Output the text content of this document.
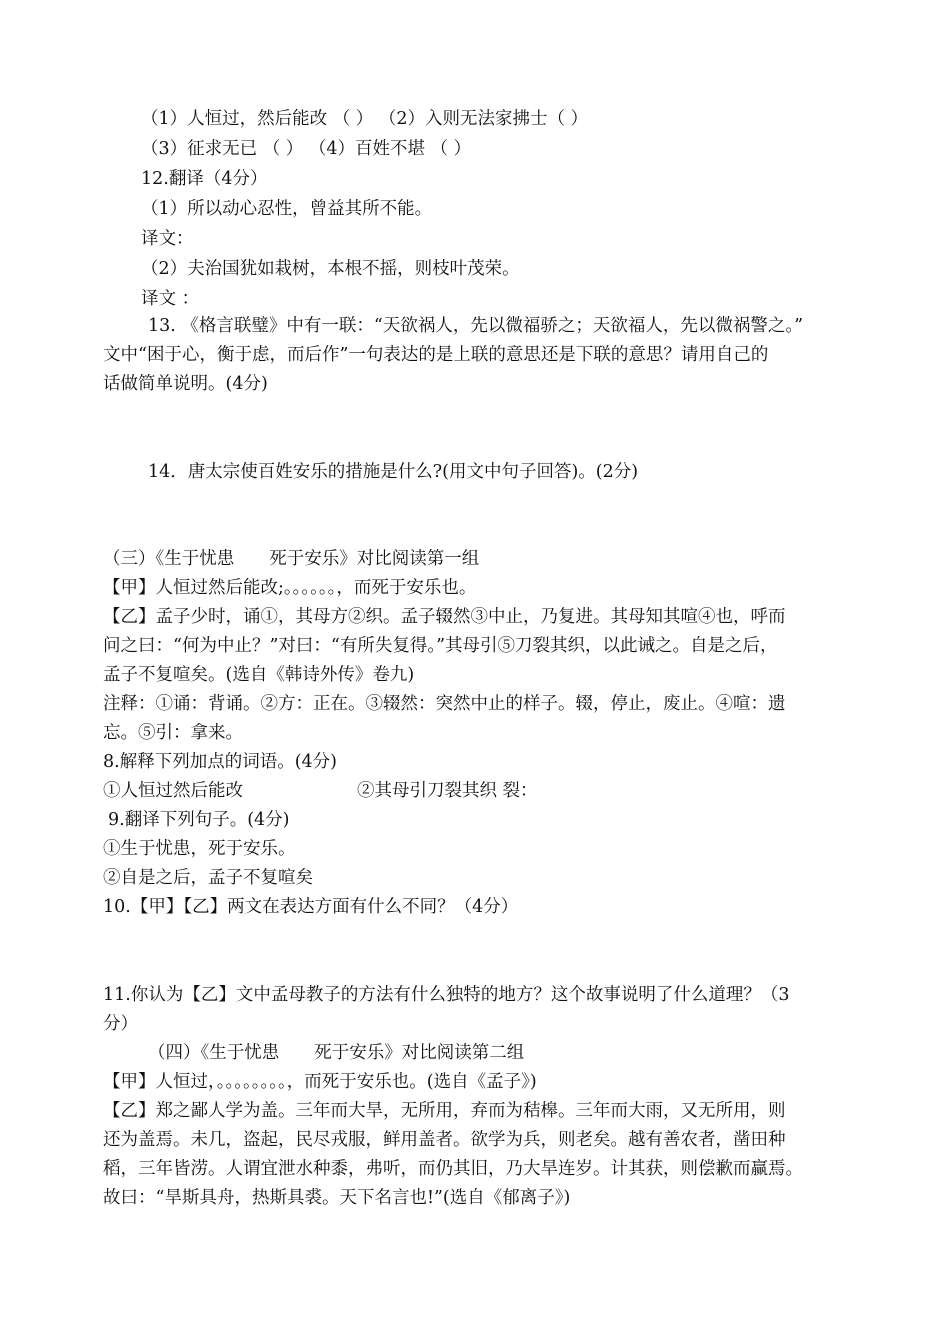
（1）人恒过，然后能改 （ ） （2）入则无法家拂士（ ）
（3）征求无已 （ ） （4）百姓不堪 （ ）
12.翻译（4分）
（1）所以动心忍性，曾益其所不能。
译文：
（2）夫治国犹如栽树，本根不摇，则枝叶茂荣。
译文 ：
13. 《格言联璧》中有一联：“天欲祸人，先以微福骄之；天欲福人，先以微祸警之。”
文中“困于心，衡于虑，而后作”一句表达的是上联的意思还是下联的意思？请用自己的
话做简单说明。(4分)
14．唐太宗使百姓安乐的措施是什么?(用文中句子回答)。(2分)
（三）《生于忧患　　死于安乐》对比阅读第一组
【甲】人恒过然后能改;。。。。。。，而死于安乐也。
【乙】孟子少时，诵①，其母方②织。孟子辍然③中止，乃复进。其母知其喧④也，呼而
问之曰：“何为中止？”对曰：“有所失复得。”其母引⑤刀裂其织，以此诫之。自是之后，
孟子不复喧矣。(选自《韩诗外传》卷九)
注释：①诵：背诵。②方：正在。③辍然：突然中止的样子。辍，停止，废止。④喧：遗
忘。⑤引：拿来。
8.解释下列加点的词语。(4分)
①人恒过然后能改	②其母引刀裂其织 裂：
9.翻译下列句子。(4分)
①生于忧患，死于安乐。
②自是之后，孟子不复喧矣
10.【甲】【乙】两文在表达方面有什么不同？（4分）
11.你认为【乙】文中孟母教子的方法有什么独特的地方？这个故事说明了什么道理？（3
分）
（四）《生于忧患　　死于安乐》对比阅读第二组
【甲】人恒过，。。。。。。。。，而死于安乐也。(选自《孟子》)
【乙】郑之鄙人学为盖。三年而大旱，无所用，弃而为秸槔。三年而大雨，又无所用，则
还为盖焉。未几，盗起，民尽戎服，鲜用盖者。欲学为兵，则老矣。越有善农者，凿田种
稻，三年皆涝。人谓宜泄水种黍，弗听，而仍其旧，乃大旱连岁。计其获，则偿歉而赢焉。
故曰：“旱斯具舟，热斯具裘。天下名言也!”(选自《郁离子》)
